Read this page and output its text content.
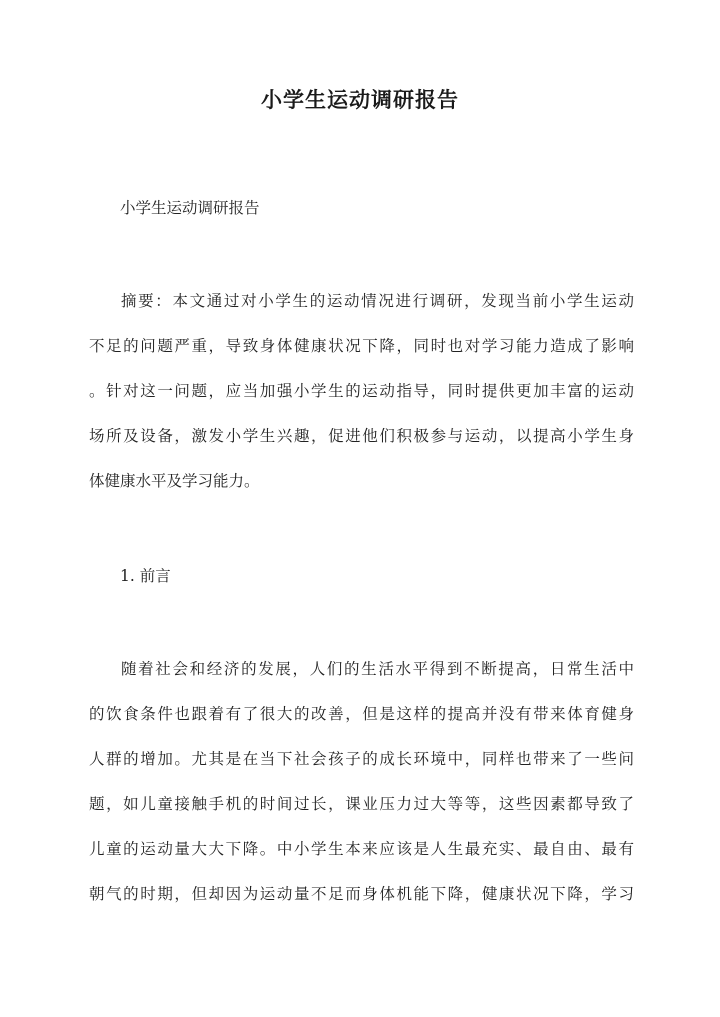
小学生运动调研报告
小学生运动调研报告
摘要：本文通过对小学生的运动情况进行调研，发现当前小学生运动
不足的问题严重，导致身体健康状况下降，同时也对学习能力造成了影响
。针对这一问题，应当加强小学生的运动指导，同时提供更加丰富的运动
场所及设备，激发小学生兴趣，促进他们积极参与运动，以提高小学生身
体健康水平及学习能力。
1. 前言
随着社会和经济的发展，人们的生活水平得到不断提高，日常生活中
的饮食条件也跟着有了很大的改善，但是这样的提高并没有带来体育健身
人群的增加。尤其是在当下社会孩子的成长环境中，同样也带来了一些问
题，如儿童接触手机的时间过长，课业压力过大等等，这些因素都导致了
儿童的运动量大大下降。中小学生本来应该是人生最充实、最自由、最有
朝气的时期，但却因为运动量不足而身体机能下降，健康状况下降，学习
